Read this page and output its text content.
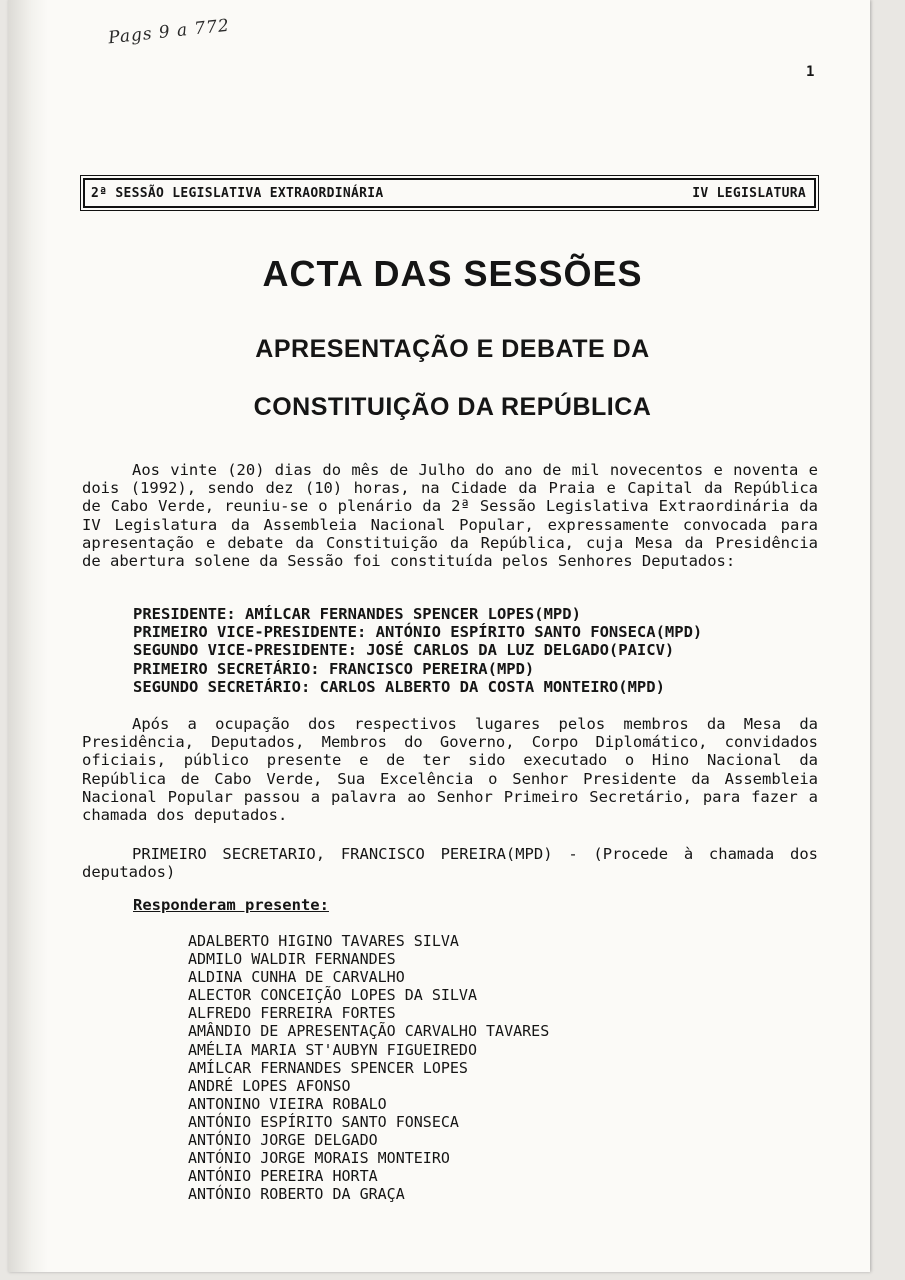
Pags 9 a 772
1
2ª SESSÃO LEGISLATIVA EXTRAORDINÁRIA	IV LEGISLATURA
ACTA DAS SESSÕES
APRESENTAÇÃO E DEBATE DA
CONSTITUIÇÃO DA REPÚBLICA

Aos vinte (20) dias do mês de Julho do ano de mil novecentos e noventa e dois (1992), sendo dez (10) horas, na Cidade da Praia e Capital da República de Cabo Verde, reuniu-se o plenário da 2ª Sessão Legislativa Extraordinária da IV Legislatura da Assembleia Nacional Popular, expressamente convocada para apresentação e debate da Constituição da República, cuja Mesa da Presidência de abertura solene da Sessão foi constituída pelos Senhores Deputados:

PRESIDENTE: AMÍLCAR FERNANDES SPENCER LOPES(MPD)
PRIMEIRO VICE-PRESIDENTE: ANTÓNIO ESPÍRITO SANTO FONSECA(MPD)
SEGUNDO VICE-PRESIDENTE: JOSÉ CARLOS DA LUZ DELGADO(PAICV)
PRIMEIRO SECRETÁRIO: FRANCISCO PEREIRA(MPD)
SEGUNDO SECRETÁRIO: CARLOS ALBERTO DA COSTA MONTEIRO(MPD)

Após a ocupação dos respectivos lugares pelos membros da Mesa da Presidência, Deputados, Membros do Governo, Corpo Diplomático, convidados oficiais, público presente e de ter sido executado o Hino Nacional da República de Cabo Verde, Sua Excelência o Senhor Presidente da Assembleia Nacional Popular passou a palavra ao Senhor Primeiro Secretário, para fazer a chamada dos deputados.

PRIMEIRO SECRETARIO, FRANCISCO PEREIRA(MPD) - (Procede à chamada dos deputados)

Responderam presente:
ADALBERTO HIGINO TAVARES SILVA
ADMILO WALDIR FERNANDES
ALDINA CUNHA DE CARVALHO
ALECTOR CONCEIÇÃO LOPES DA SILVA
ALFREDO FERREIRA FORTES
AMÂNDIO DE APRESENTAÇÃO CARVALHO TAVARES
AMÉLIA MARIA ST'AUBYN FIGUEIREDO
AMÍLCAR FERNANDES SPENCER LOPES
ANDRÉ LOPES AFONSO
ANTONINO VIEIRA ROBALO
ANTÓNIO ESPÍRITO SANTO FONSECA
ANTÓNIO JORGE DELGADO
ANTÓNIO JORGE MORAIS MONTEIRO
ANTÓNIO PEREIRA HORTA
ANTÓNIO ROBERTO DA GRAÇA
